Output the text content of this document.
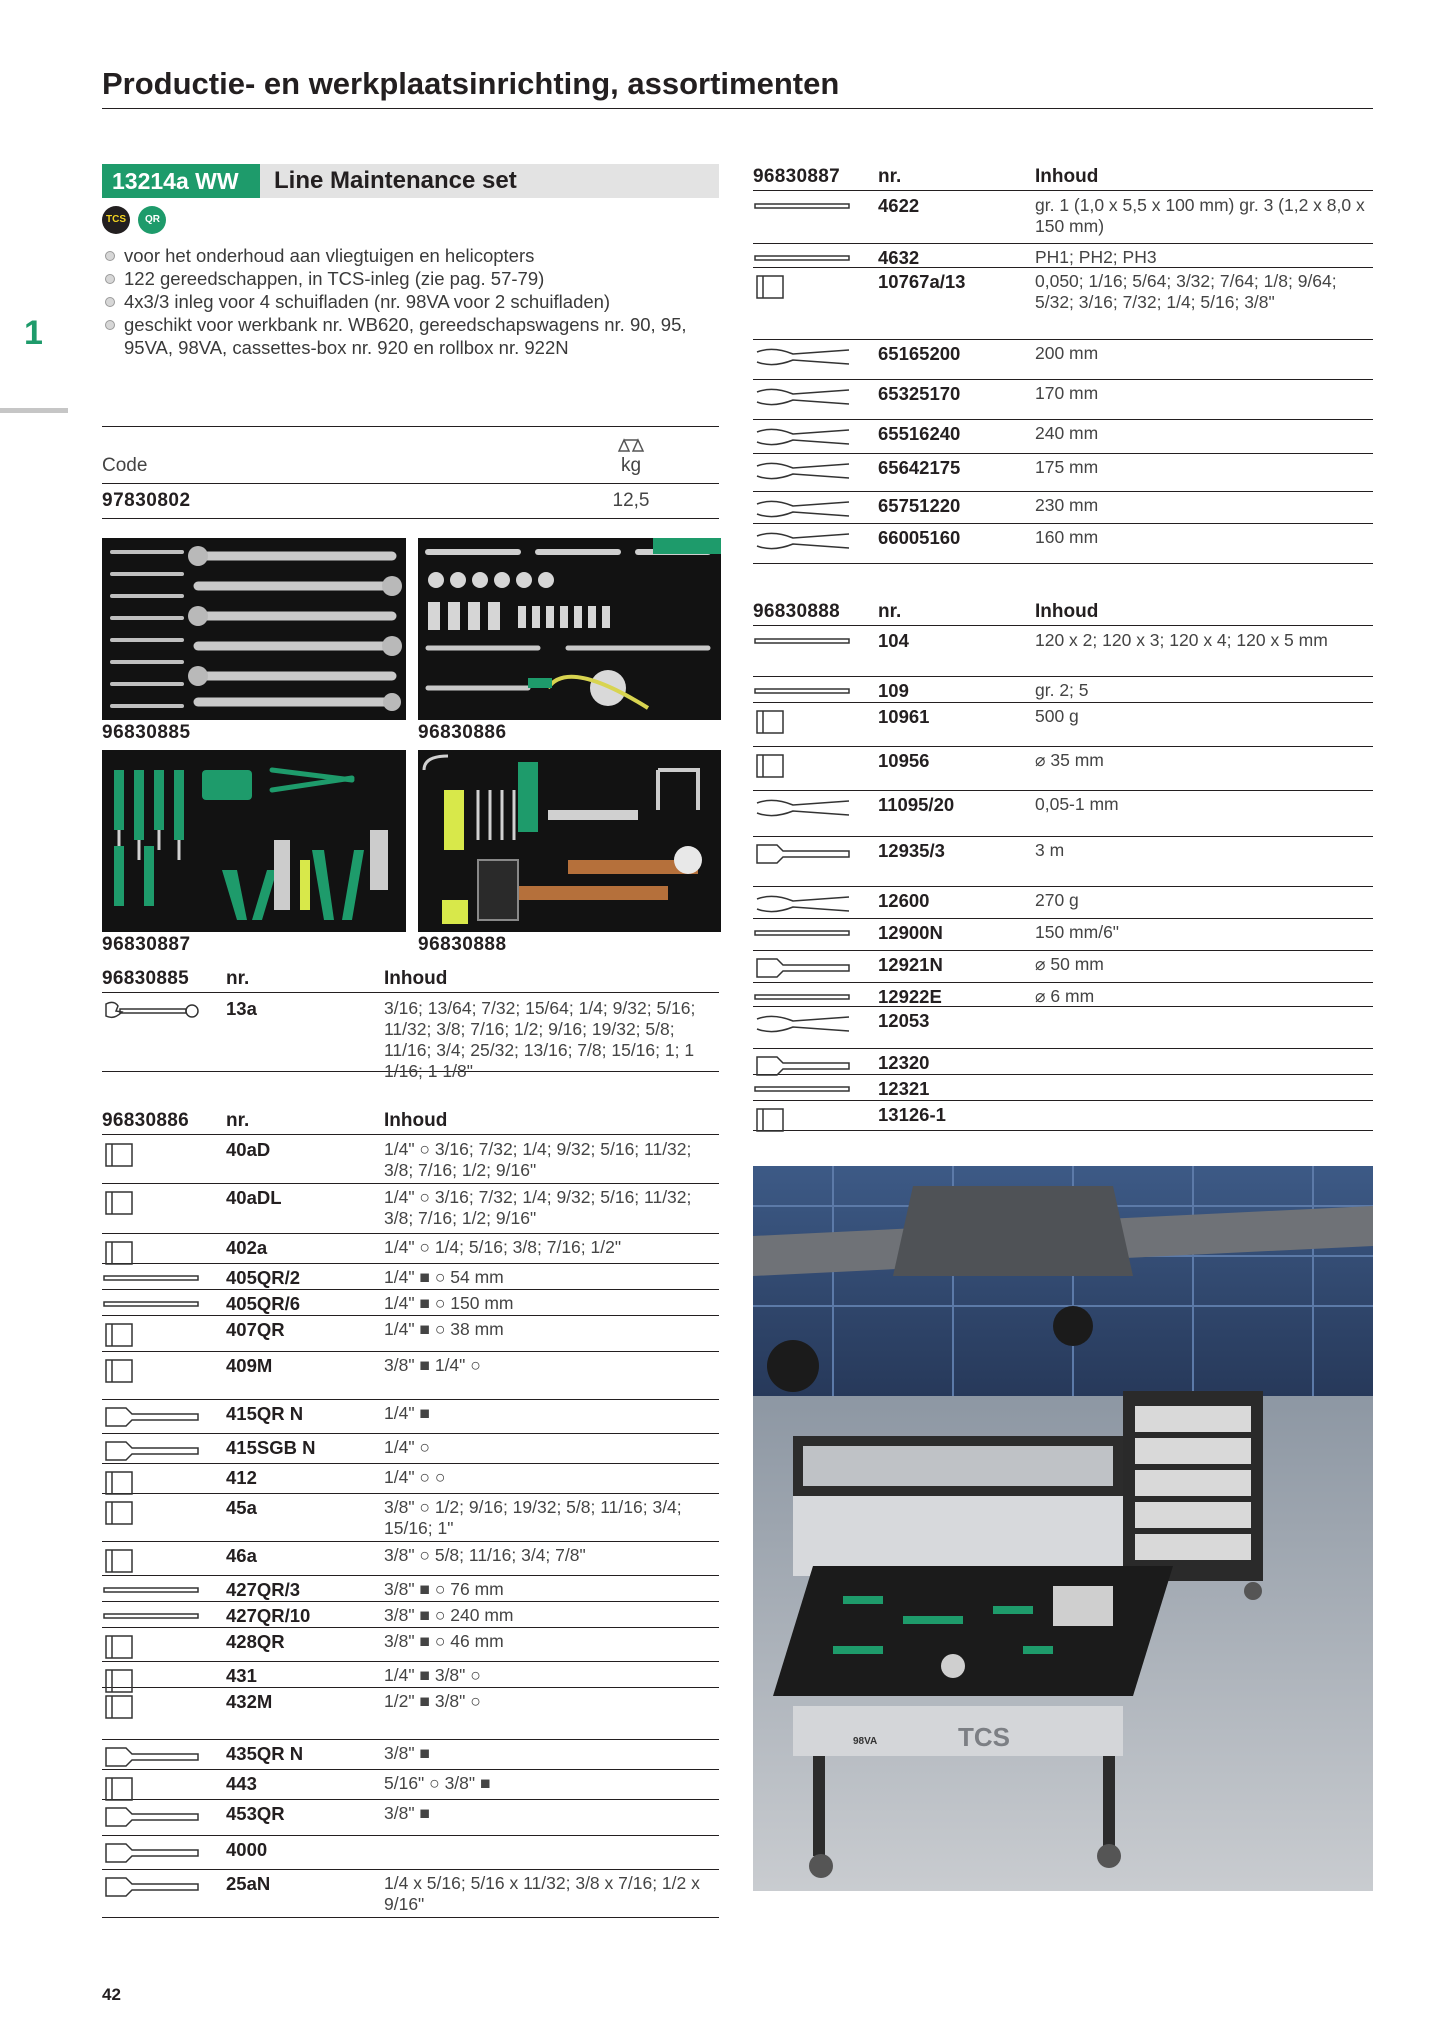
Productie- en werkplaatsinrichting, assortimenten
1
13214a WW	Line Maintenance set
TCS QR
voor het onderhoud aan vliegtuigen en helicopters
122 gereedschappen, in TCS-inleg (zie pag. 57-79)
4x3/3 inleg voor 4 schuifladen (nr. 98VA voor 2 schuifladen)
geschikt voor werkbank nr. WB620, gereedschapswagens nr. 90, 95, 95VA, 98VA, cassettes-box nr. 920 en rollbox nr. 922N
Code	kg
97830802	12,5
96830885	96830886
96830887	96830888
96830885 nr.	Inhoud
13a	3/16; 13/64; 7/32; 15/64; 1/4; 9/32; 5/16; 11/32; 3/8; 7/16; 1/2; 9/16; 19/32; 5/8; 11/16; 3/4; 25/32; 13/16; 7/8; 15/16; 1; 1 1/16; 1 1/8"
96830886 nr.	Inhoud
40aD	1/4" ○ 3/16; 7/32; 1/4; 9/32; 5/16; 11/32; 3/8; 7/16; 1/2; 9/16"
40aDL	1/4" ○ 3/16; 7/32; 1/4; 9/32; 5/16; 11/32; 3/8; 7/16; 1/2; 9/16"
402a	1/4" ○ 1/4; 5/16; 3/8; 7/16; 1/2"
405QR/2	1/4" ■ ○ 54 mm
405QR/6	1/4" ■ ○ 150 mm
407QR	1/4" ■ ○ 38 mm
409M	3/8" ■ 1/4" ○
415QR N	1/4" ■
415SGB N	1/4" ○
412	1/4" ○ ○
45a	3/8" ○ 1/2; 9/16; 19/32; 5/8; 11/16; 3/4; 15/16; 1"
46a	3/8" ○ 5/8; 11/16; 3/4; 7/8"
427QR/3	3/8" ■ ○ 76 mm
427QR/10	3/8" ■ ○ 240 mm
428QR	3/8" ■ ○ 46 mm
431	1/4" ■ 3/8" ○
432M	1/2" ■ 3/8" ○
435QR N	3/8" ■
443	5/16" ○ 3/8" ■
453QR	3/8" ■
4000
25aN	1/4 x 5/16; 5/16 x 11/32; 3/8 x 7/16; 1/2 x 9/16"
96830887 nr.	Inhoud
4622	gr. 1 (1,0 x 5,5 x 100 mm) gr. 3 (1,2 x 8,0 x 150 mm)
4632	PH1; PH2; PH3
10767a/13	0,050; 1/16; 5/64; 3/32; 7/64; 1/8; 9/64; 5/32; 3/16; 7/32; 1/4; 5/16; 3/8"
65165200	200 mm
65325170	170 mm
65516240	240 mm
65642175	175 mm
65751220	230 mm
66005160	160 mm
96830888 nr.	Inhoud
104	120 x 2; 120 x 3; 120 x 4; 120 x 5 mm
109	gr. 2; 5
10961	500 g
10956	⌀ 35 mm
11095/20	0,05-1 mm
12935/3	3 m
12600	270 g
12900N	150 mm/6"
12921N	⌀ 50 mm
12922E	⌀ 6 mm
12053
12320
12321
13126-1
TCS
98VA
42
